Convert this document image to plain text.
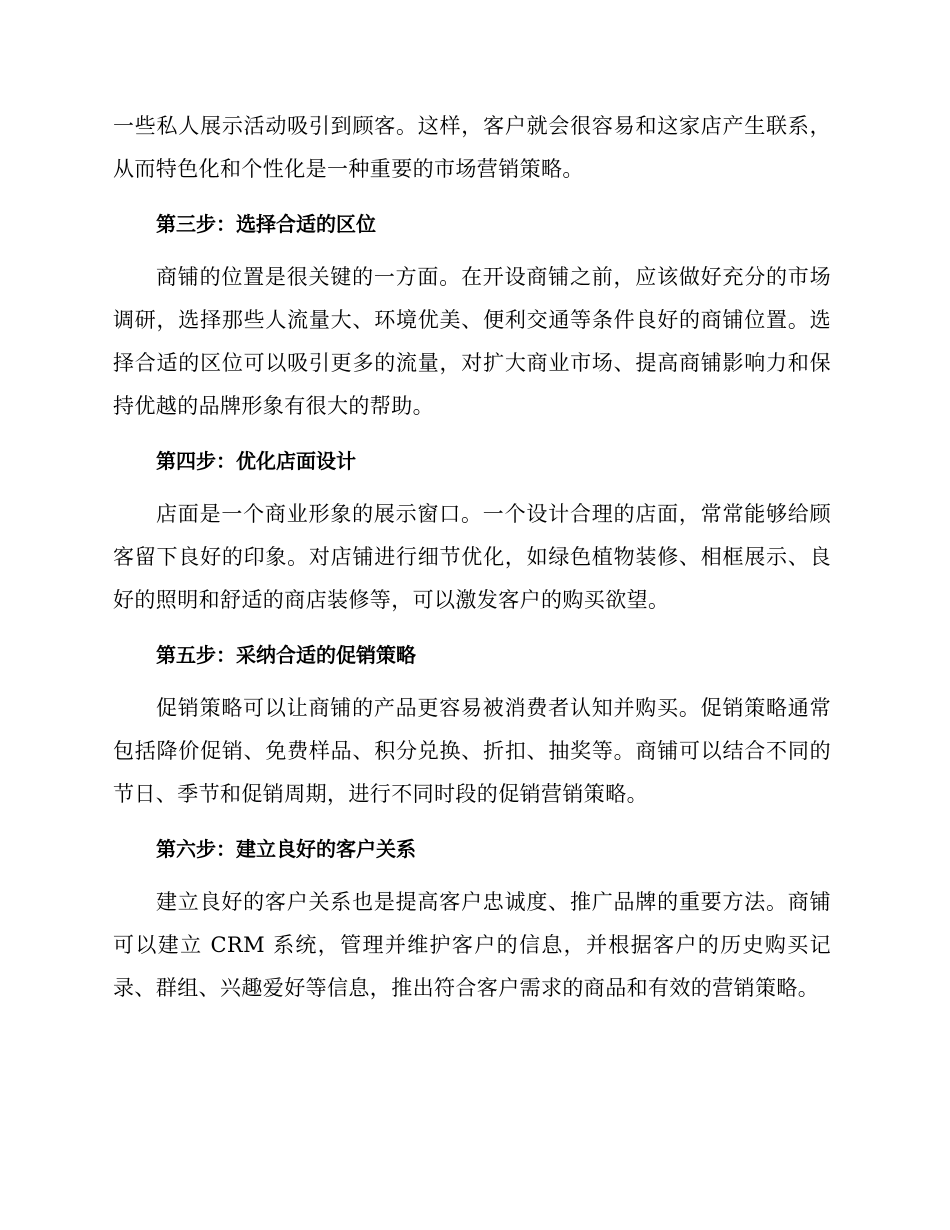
一些私人展示活动吸引到顾客。这样，客户就会很容易和这家店产生联系，从而特色化和个性化是一种重要的市场营销策略。

第三步：选择合适的区位

商铺的位置是很关键的一方面。在开设商铺之前，应该做好充分的市场调研，选择那些人流量大、环境优美、便利交通等条件良好的商铺位置。选择合适的区位可以吸引更多的流量，对扩大商业市场、提高商铺影响力和保持优越的品牌形象有很大的帮助。

第四步：优化店面设计

店面是一个商业形象的展示窗口。一个设计合理的店面，常常能够给顾客留下良好的印象。对店铺进行细节优化，如绿色植物装修、相框展示、良好的照明和舒适的商店装修等，可以激发客户的购买欲望。

第五步：采纳合适的促销策略

促销策略可以让商铺的产品更容易被消费者认知并购买。促销策略通常包括降价促销、免费样品、积分兑换、折扣、抽奖等。商铺可以结合不同的节日、季节和促销周期，进行不同时段的促销营销策略。

第六步：建立良好的客户关系

建立良好的客户关系也是提高客户忠诚度、推广品牌的重要方法。商铺可以建立 CRM 系统，管理并维护客户的信息，并根据客户的历史购买记录、群组、兴趣爱好等信息，推出符合客户需求的商品和有效的营销策略。
